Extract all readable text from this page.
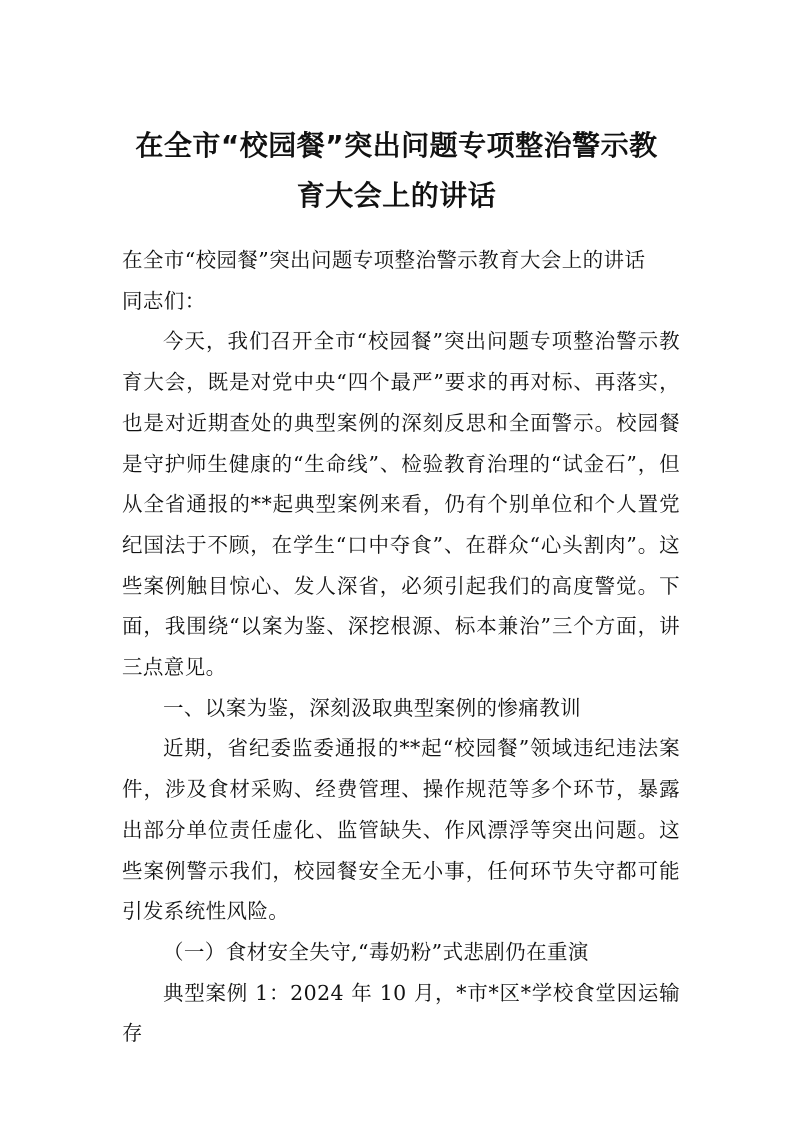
在全市“校园餐”突出问题专项整治警示教
育大会上的讲话

在全市“校园餐”突出问题专项整治警示教育大会上的讲话

同志们：

今天，我们召开全市“校园餐”突出问题专项整治警示教育大会，既是对党中央“四个最严”要求的再对标、再落实，也是对近期查处的典型案例的深刻反思和全面警示。校园餐是守护师生健康的“生命线”、检验教育治理的“试金石”，但从全省通报的**起典型案例来看，仍有个别单位和个人置党纪国法于不顾，在学生“口中夺食”、在群众“心头割肉”。这些案例触目惊心、发人深省，必须引起我们的高度警觉。下面，我围绕“以案为鉴、深挖根源、标本兼治”三个方面，讲三点意见。

一、以案为鉴，深刻汲取典型案例的惨痛教训

近期，省纪委监委通报的**起“校园餐”领域违纪违法案件，涉及食材采购、经费管理、操作规范等多个环节，暴露出部分单位责任虚化、监管缺失、作风漂浮等突出问题。这些案例警示我们，校园餐安全无小事，任何环节失守都可能引发系统性风险。

（一）食材安全失守,“毒奶粉”式悲剧仍在重演

典型案例 1：2024 年 10 月，*市*区*学校食堂因运输存
